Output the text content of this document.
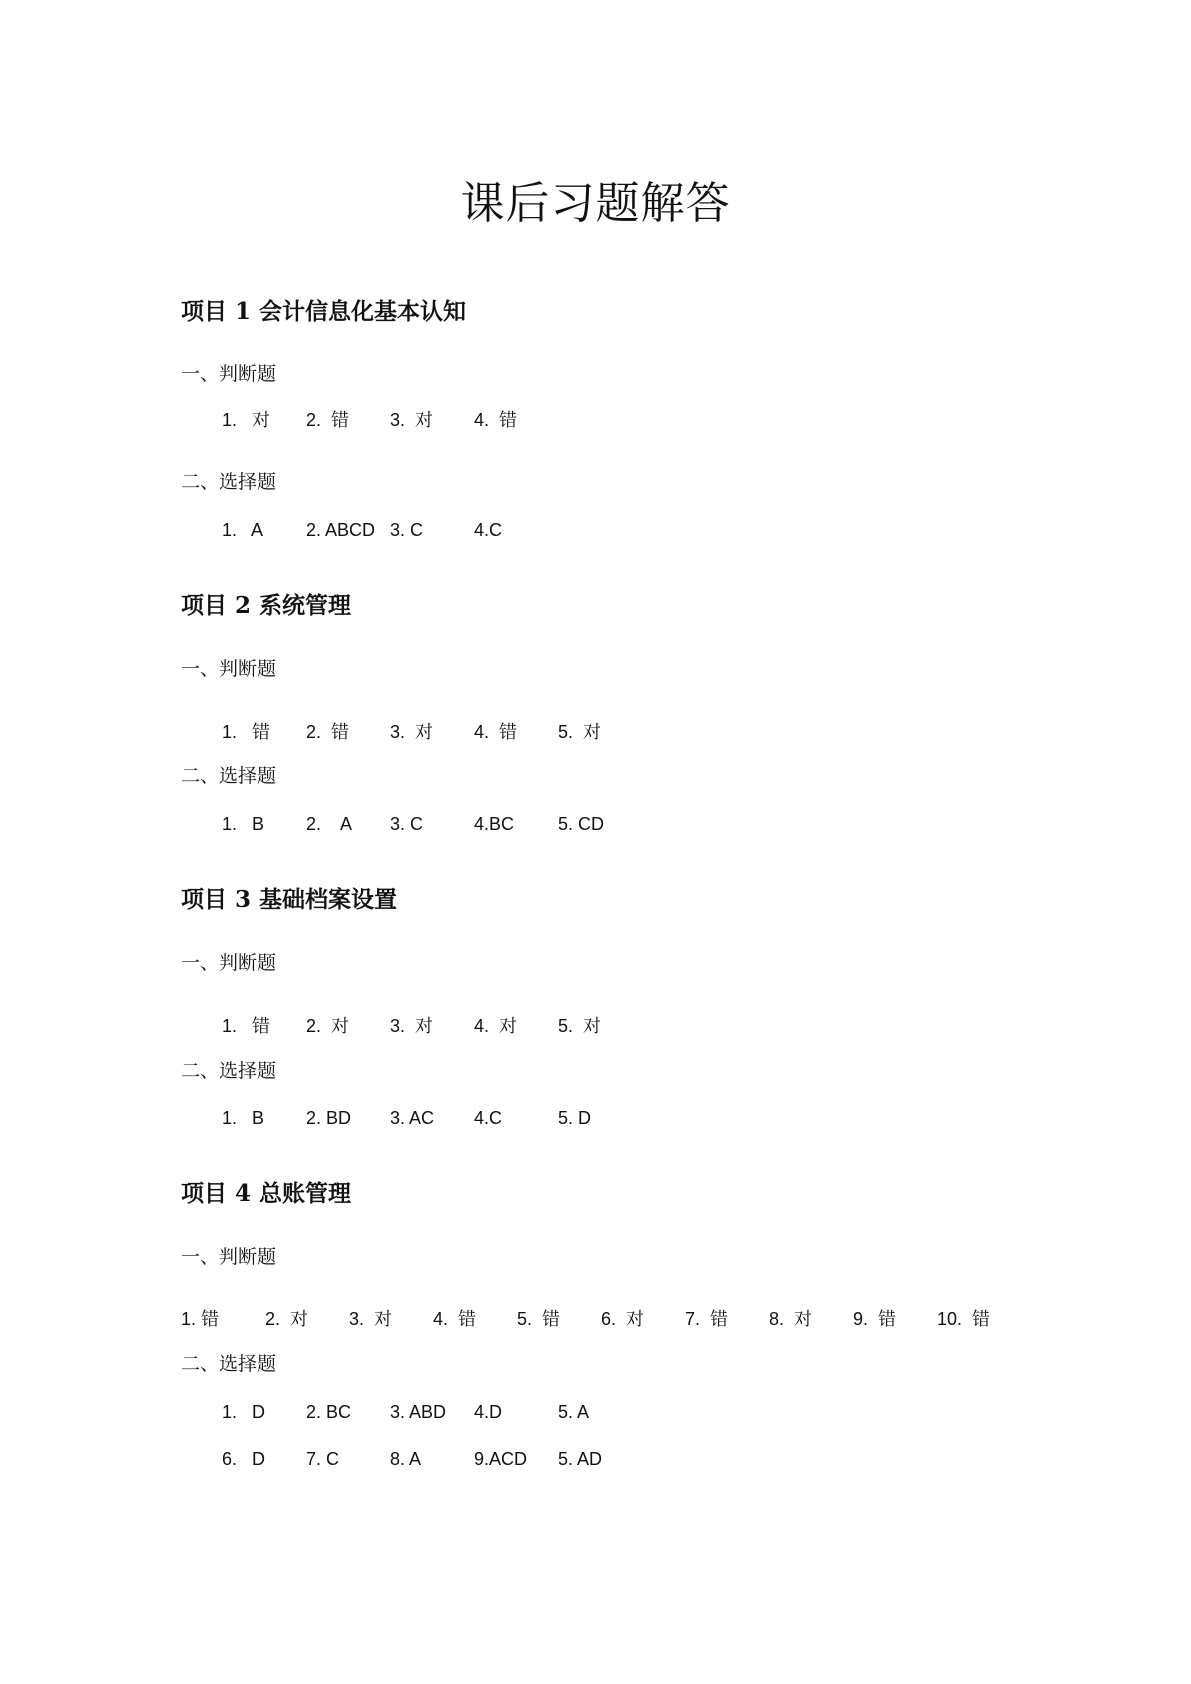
课后习题解答
项目 1 会计信息化基本认知
一、判断题
1.   对 2.  错 3.  对 4.  错
二、选择题
1.   A 2. ABCD 3. C	4.C
项目 2 系统管理
一、判断题
1.   错 2.  错 3.  对 4.  错 5.  对
二、选择题
1.   B 2.    A 3. C	4.BC 5. CD
项目 3 基础档案设置
一、判断题
1.   错 2.  对 3.  对 4.  对 5.  对
二、选择题
1.   B 2. BD 3. AC 4.C	5. D
项目 4 总账管理
一、判断题
1. 错	2.  对 3.  对 4.  错 5.  错 6.  对 7.  错 8.  对 9.  错 10.  错
二、选择题
1.   D 2. BC 3. ABD 4.D	5. A
6.   D 7. C	8. A	9.ACD 5. AD
